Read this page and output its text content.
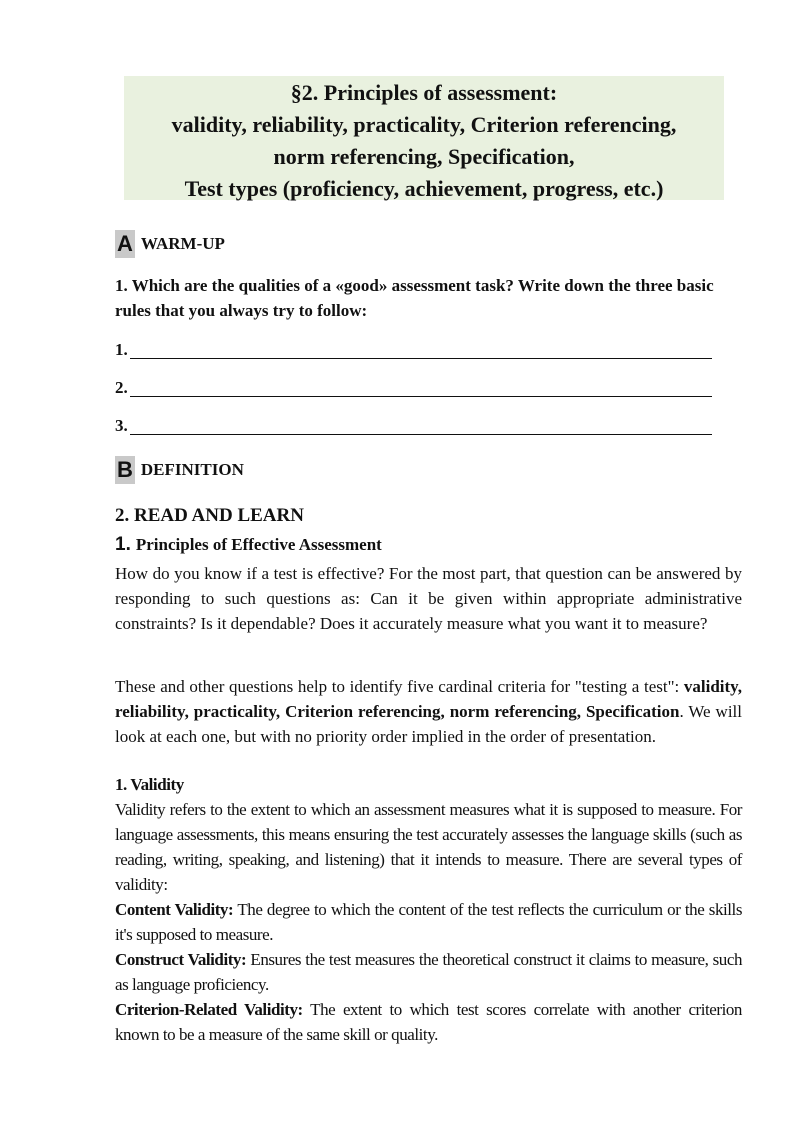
§2. Principles of assessment:
validity, reliability, practicality, Criterion referencing,
norm referencing, Specification,
Test types (proficiency, achievement, progress, etc.)
A WARM-UP
1. Which are the qualities of a «good» assessment task? Write down the three basic rules that you always try to follow:
1.
2.
3.
B DEFINITION
2. READ AND LEARN
1. Principles of Effective Assessment
How do you know if a test is effective? For the most part, that question can be answered by responding to such questions as: Can it be given within appropriate administrative constraints? Is it dependable? Does it accurately measure what you want it to measure?
These and other questions help to identify five cardinal criteria for "testing a test": validity, reliability, practicality, Criterion referencing, norm referencing, Specification. We will look at each one, but with no priority order implied in the order of presentation.
1. Validity

Validity refers to the extent to which an assessment measures what it is supposed to measure. For language assessments, this means ensuring the test accurately assesses the language skills (such as reading, writing, speaking, and listening) that it intends to measure. There are several types of validity:

Content Validity: The degree to which the content of the test reflects the curriculum or the skills it's supposed to measure.

Construct Validity: Ensures the test measures the theoretical construct it claims to measure, such as language proficiency.

Criterion-Related Validity: The extent to which test scores correlate with another criterion known to be a measure of the same skill or quality.
